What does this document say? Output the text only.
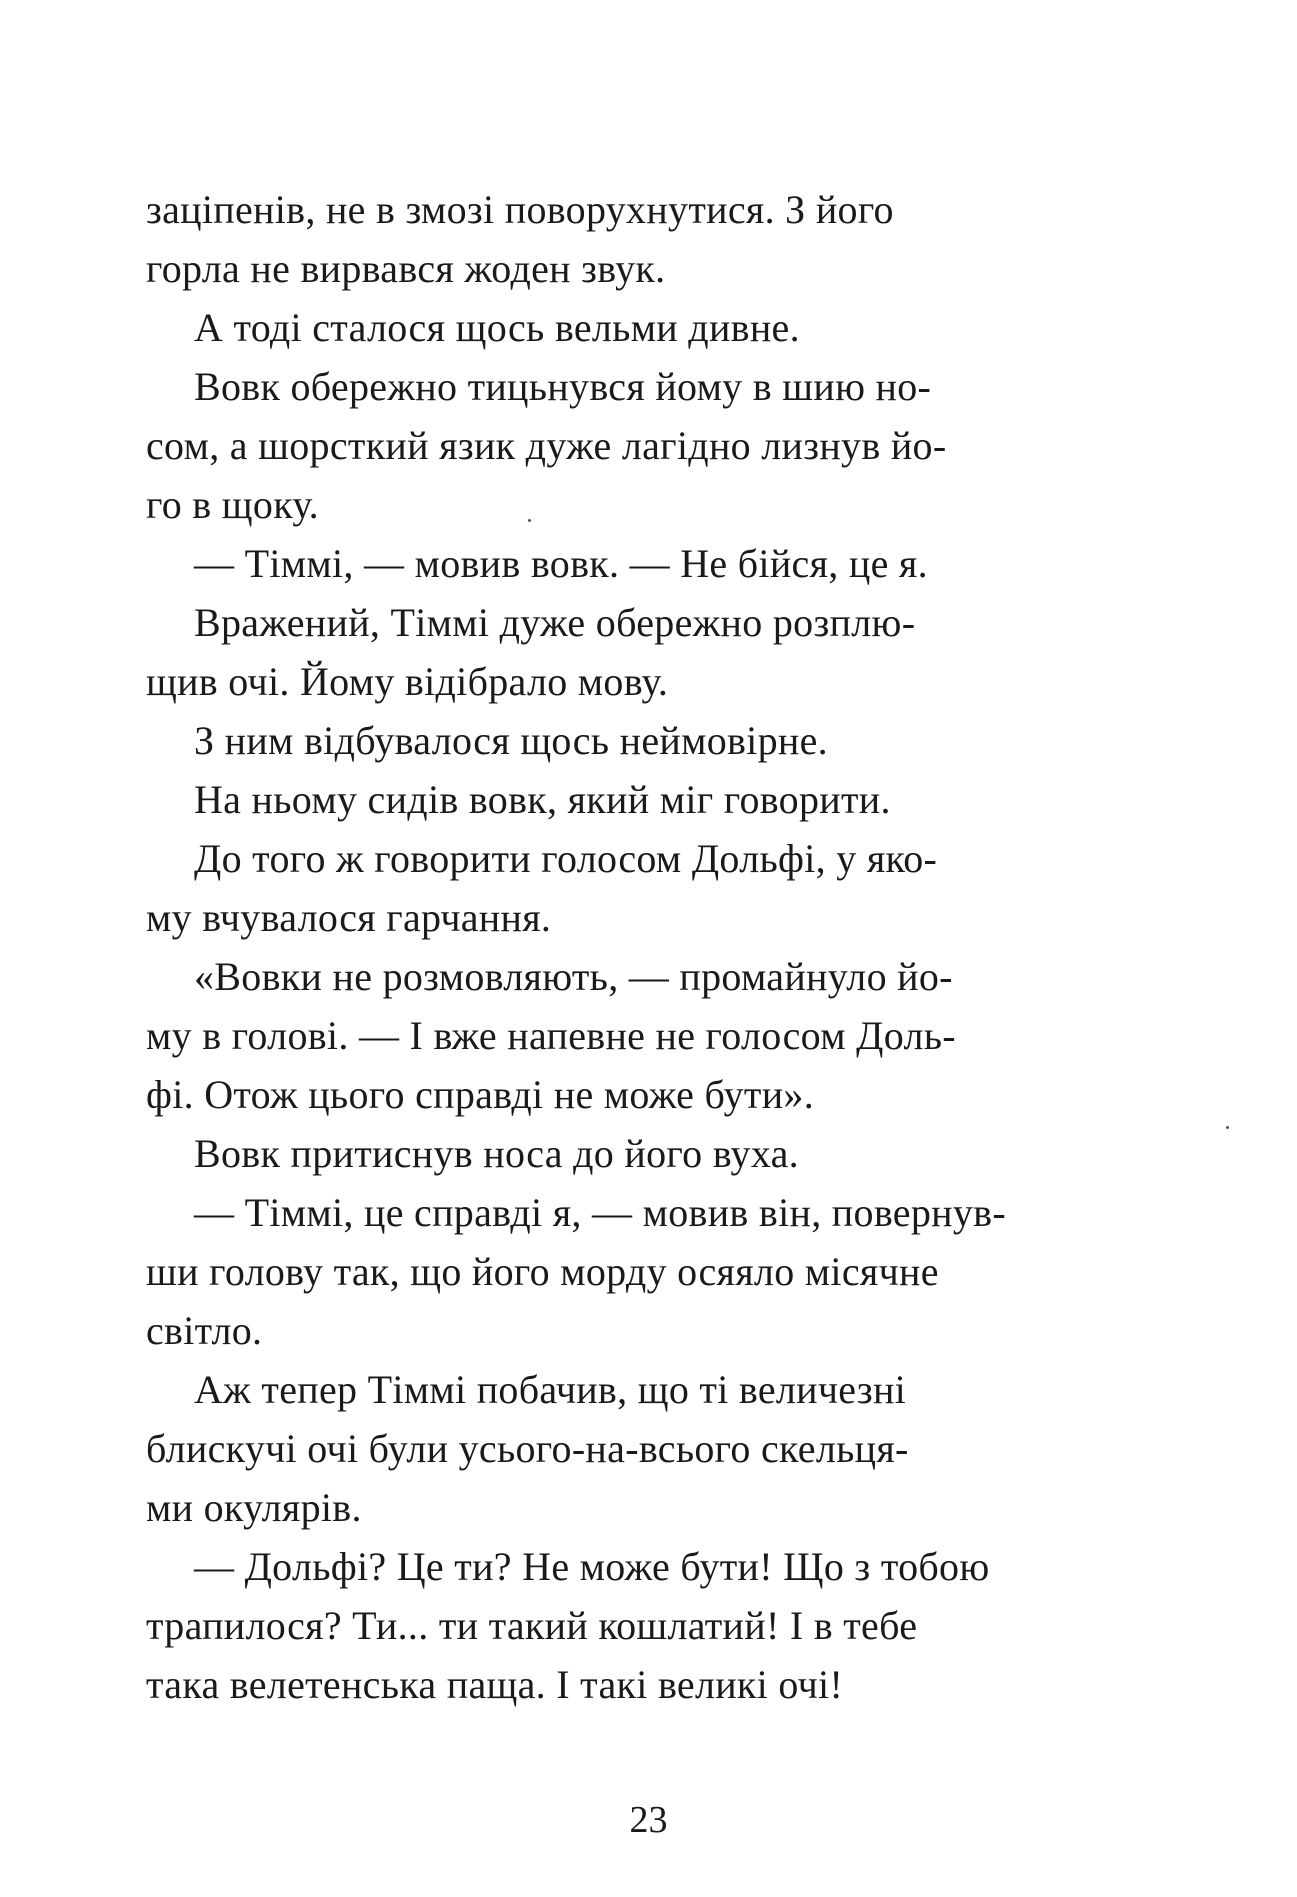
заціпенів, не в змозі поворухнутися. З його
горла не вирвався жоден звук.
А тоді сталося щось вельми дивне.
Вовк обережно тицьнувся йому в шию но-
сом, а шорсткий язик дуже лагідно лизнув йо-
го в щоку.
— Тіммі, — мовив вовк. — Не бійся, це я.
Вражений, Тіммі дуже обережно розплю-
щив очі. Йому відібрало мову.
З ним відбувалося щось неймовірне.
На ньому сидів вовк, який міг говорити.
До того ж говорити голосом Дольфі, у яко-
му вчувалося гарчання.
«Вовки не розмовляють, — промайнуло йо-
му в голові. — І вже напевне не голосом Доль-
фі. Отож цього справді не може бути».
Вовк притиснув носа до його вуха.
— Тіммі, це справді я, — мовив він, повернув-
ши голову так, що його морду осяяло місячне
світло.
Аж тепер Тіммі побачив, що ті величезні
блискучі очі були усього-на-всього скельця-
ми окулярів.
— Дольфі? Це ти? Не може бути! Що з тобою
трапилося? Ти... ти такий кошлатий! І в тебе
така велетенська паща. І такі великі очі!
23
